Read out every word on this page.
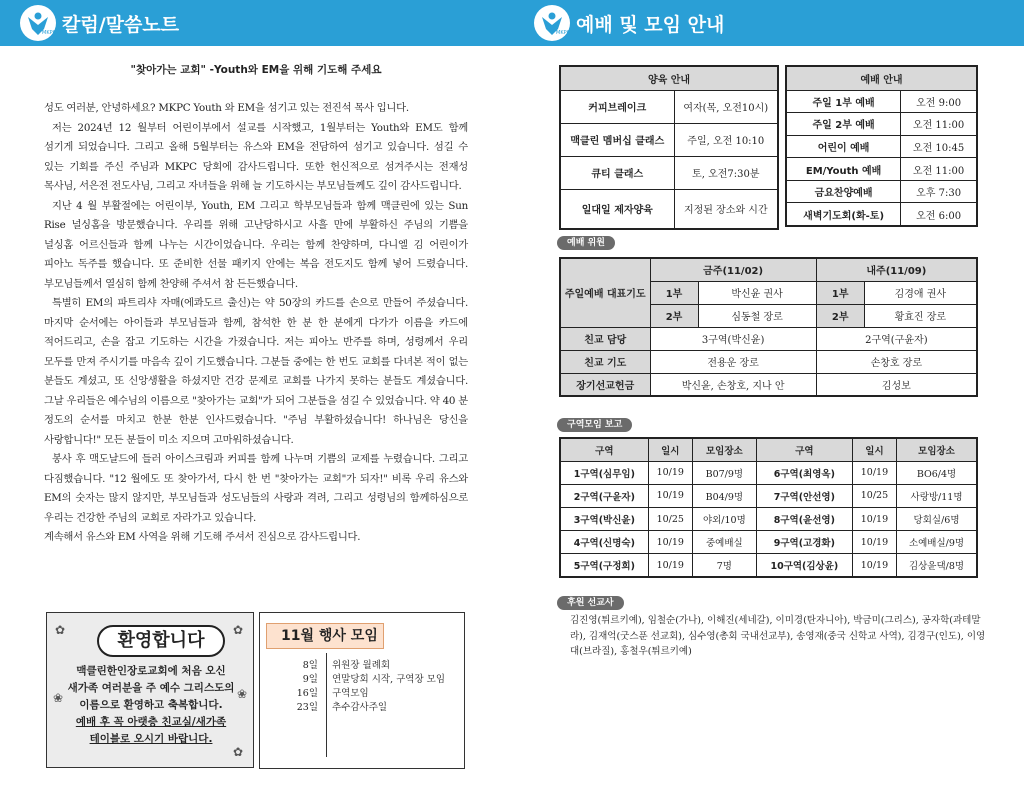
MKPC 칼럼/말씀노트	MKPC 예배 및 모임 안내
"찾아가는 교회" -Youth와 EM을 위해 기도해 주세요

성도 여러분, 안녕하세요? MKPC Youth 와 EM을 섬기고 있는 전진석 목사 입니다.

저는 2024년 12 월부터 어린이부에서 설교를 시작했고, 1월부터는 Youth와 EM도 함께 섬기게 되었습니다. 그리고 올해 5월부터는 유스와 EM을 전담하여 섬기고 있습니다. 섬길 수 있는 기회를 주신 주님과 MKPC 당회에 감사드립니다. 또한 헌신적으로 섬겨주시는 전재성 목사님, 서은전 전도사님, 그리고 자녀들을 위해 늘 기도하시는 부모님들께도 깊이 감사드립니다.

지난 4 월 부활절에는 어린이부, Youth, EM 그리고 학부모님들과 함께 맥클린에 있는 Sun Rise 널싱홈을 방문했습니다. 우리를 위해 고난당하시고 사흘 만에 부활하신 주님의 기쁨을 널싱홈 어르신들과 함께 나누는 시간이었습니다. 우리는 함께 찬양하며, 다니엘 김 어린이가 피아노 독주를 했습니다. 또 준비한 선물 패키지 안에는 복음 전도지도 함께 넣어 드렸습니다. 부모님들께서 열심히 함께 찬양해 주셔서 참 든든했습니다.

특별히 EM의 파트리샤 자매(에콰도르 출신)는 약 50장의 카드를 손으로 만들어 주셨습니다. 마지막 순서에는 아이들과 부모님들과 함께, 참석한 한 분 한 분에게 다가가 이름을 카드에 적어드리고, 손을 잡고 기도하는 시간을 가졌습니다. 저는 피아노 반주를 하며, 성령께서 우리 모두를 만져 주시기를 마음속 깊이 기도했습니다. 그분들 중에는 한 번도 교회를 다녀본 적이 없는 분들도 계셨고, 또 신앙생활을 하셨지만 건강 문제로 교회를 나가지 못하는 분들도 계셨습니다. 그날 우리들은 예수님의 이름으로 "찾아가는 교회"가 되어 그분들을 섬길 수 있었습니다. 약 40 분 정도의 순서를 마치고 한분 한분 인사드렸습니다. "주님 부활하셨습니다! 하나님은 당신을 사랑합니다!" 모든 분들이 미소 지으며 고마워하셨습니다.

봉사 후 맥도날드에 들러 아이스크림과 커피를 함께 나누며 기쁨의 교제를 누렸습니다. 그리고 다짐했습니다. "12 월에도 또 찾아가서, 다시 한 번 "찾아가는 교회"가 되자!" 비록 우리 유스와 EM의 숫자는 많지 않지만, 부모님들과 성도님들의 사랑과 격려, 그리고 성령님의 함께하심으로 우리는 건강한 주님의 교회로 자라가고 있습니다.

계속해서 유스와 EM 사역을 위해 기도해 주셔서 진심으로 감사드립니다.

✿	✿
❀	❀
✿
환영합니다
맥클린한인장로교회에 처음 오신
새가족 여러분을 주 예수 그리스도의
이름으로 환영하고 축복합니다.
예배 후 꼭 아랫층 친교실/새가족
테이블로 오시기 바랍니다.
11월 행사 모임
8일 위원장 월례회
9일 연말당회 시작, 구역장 모임
16일 구역모임
23일 추수감사주일
양육 안내	
커피브레이크	여자(목, 오전10시)
맥클린 멤버십 클래스	주일, 오전 10:10
큐티 클래스	토, 오전7:30분
일대일 제자양육	지정된 장소와 시간
예배 안내	
주일 1부 예배	오전 9:00
주일 2부 예배	오전 11:00
어린이 예배	오전 10:45
EM/Youth 예배	오전 11:00
금요찬양예배	오후 7:30
새벽기도회(화-토)	오전 6:00
예배 위원
주일예배 대표기도	금주(11/02)		내주(11/09)	
	1부	박신윤 권사	1부	김경애 권사
	2부	심동철 장로	2부	황효진 장로
친교 담당	3구역(박신윤)		2구역(구윤자)	
친교 기도	전용운 장로		손창호 장로	
장기선교헌금	박신윤, 손창호, 지나 안		김성보	
구역모임 보고
구역	일시	모임장소	구역	일시	모임장소
1구역(심무임)	10/19	B07/9명	6구역(최영옥)	10/19	BO6/4명
2구역(구윤자)	10/19	B04/9명	7구역(안선영)	10/25	사랑방/11명
3구역(박신윤)	10/25	야외/10명	8구역(윤선영)	10/19	당회실/6명
4구역(신명숙)	10/19	중예배실	9구역(고경화)	10/19	소예배실/9명
5구역(구정희)	10/19	7명	10구역(김상윤)	10/19	김상윤댁/8명
후원 선교사
김진영(튀르키예), 임철순(가나), 이해진(세네갈), 이미경(탄자니아), 박금미(그리스), 공자학(과테말라), 김재억(굿스푼 선교회), 심수영(총회 국내선교부), 송영재(중국 신학교 사역), 김경구(인도), 이영대(브라질), 홍철우(튀르키예)
